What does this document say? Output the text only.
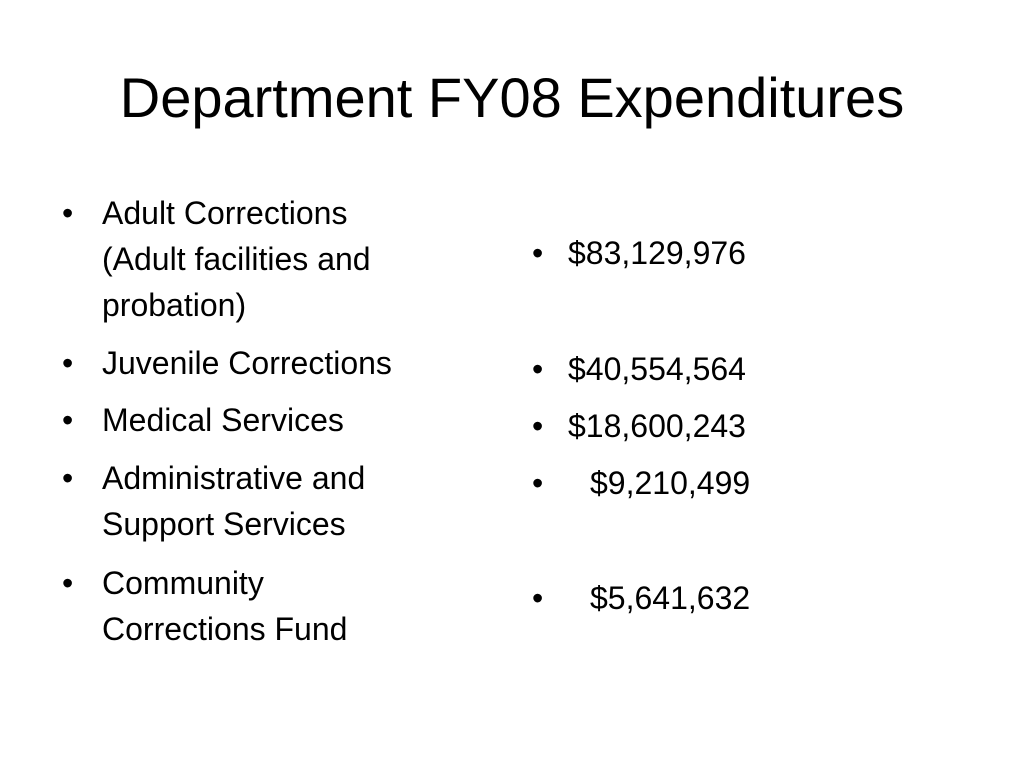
Department FY08 Expenditures
• Adult Corrections
(Adult facilities and
probation)
• Juvenile Corrections
• Medical Services
• Administrative and
Support Services
• Community
Corrections Fund
• $83,129,976
• $40,554,564
• $18,600,243
• $9,210,499
• $5,641,632
